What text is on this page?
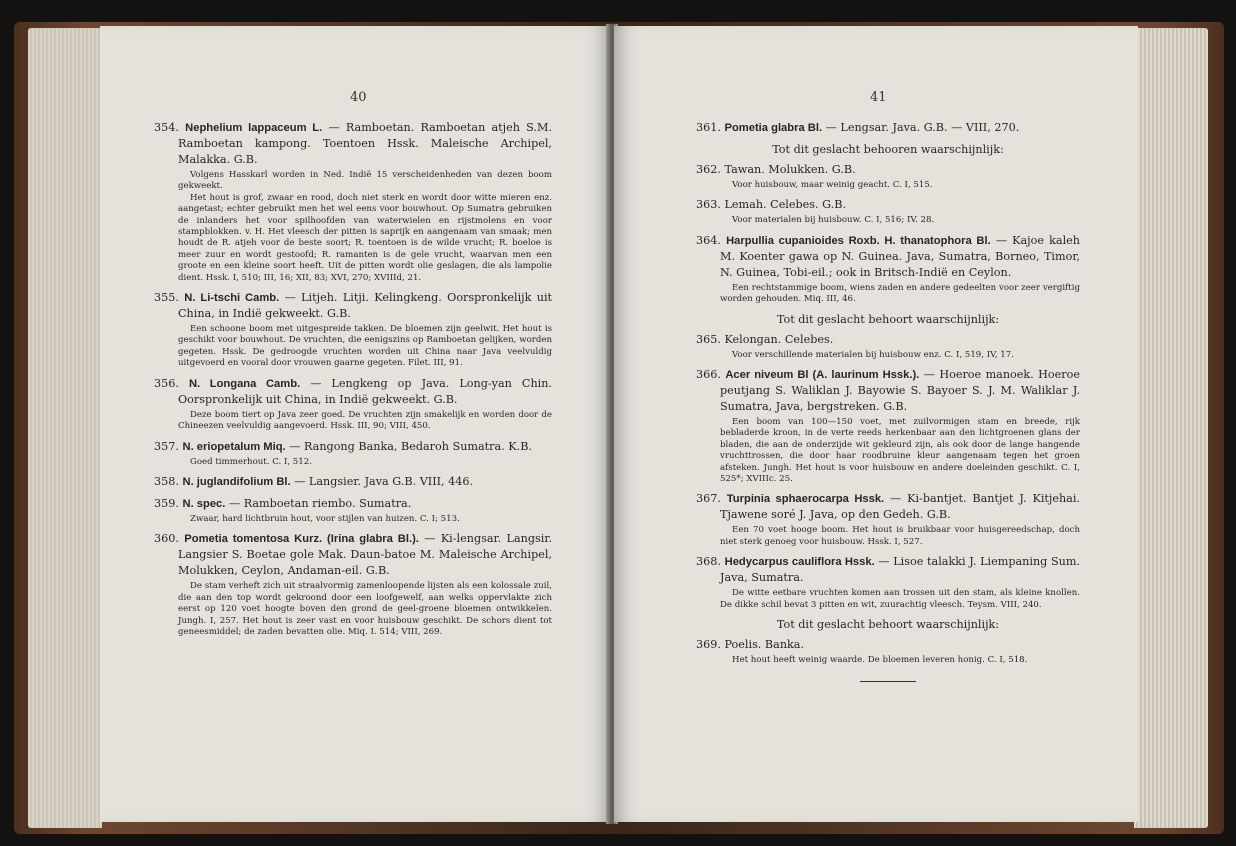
40
354. Nephelium lappaceum L. — Ramboetan. Ramboetan atjeh S.M. Ramboetan kampong. Toentoen Hssk. Maleische Archipel, Malakka. G.B.

Volgens Hasskarl worden in Ned. Indië 15 verscheidenheden van dezen boom gekweekt.

Het hout is grof, zwaar en rood, doch niet sterk en wordt door witte mieren enz. aangetast; echter gebruikt men het wel eens voor bouwhout. Op Sumatra gebruiken de inlanders het voor spilhoofden van waterwielen en rijstmolens en voor stampblokken. v. H. Het vleesch der pitten is saprijk en aangenaam van smaak; men houdt de R. atjeh voor de beste soort; R. toentoen is de wilde vrucht; R. boeloe is meer zuur en wordt gestoofd; R. ramanten is de gele vrucht, waarvan men een groote en een kleine soort heeft. Uit de pitten wordt olie geslagen, die als lampolie dient. Hssk. I, 510; III, 16; XII, 83; XVI, 270; XVIIId, 21.

355. N. Li-tschi Camb. — Litjeh. Litji. Kelingkeng. Oorspronkelijk uit China, in Indië gekweekt. G.B.

Een schoone boom met uitgespreide takken. De bloemen zijn geelwit. Het hout is geschikt voor bouwhout. De vruchten, die eenigszins op Ramboetan gelijken, worden gegeten. Hssk. De gedroogde vruchten worden uit China naar Java veelvuldig uitgevoerd en vooral door vrouwen gaarne gegeten. Filet. III, 91.

356. N. Longana Camb. — Lengkeng op Java. Long-yan Chin. Oorspronkelijk uit China, in Indië gekweekt. G.B.

Deze boom tiert op Java zeer goed. De vruchten zijn smakelijk en worden door de Chineezen veelvuldig aangevoerd. Hssk. III, 90; VIII, 450.

357. N. eriopetalum Miq. — Rangong Banka, Bedaroh Sumatra. K.B.

Goed timmerhout. C. I, 512.

358. N. juglandifolium Bl. — Langsier. Java G.B. VIII, 446.
359. N. spec. — Ramboetan riembo. Sumatra.

Zwaar, hard lichtbruin hout, voor stijlen van huizen. C. I; 513.

360. Pometia tomentosa Kurz. (Irina glabra Bl.). — Ki-lengsar. Langsir. Langsier S. Boetae gole Mak. Daun-batoe M. Maleische Archipel, Molukken, Ceylon, Andaman-eil. G.B.

De stam verheft zich uit straalvormig zamenloopende lijsten als een kolossale zuil, die aan den top wordt gekroond door een loofgewelf, aan welks oppervlakte zich eerst op 120 voet hoogte boven den grond de geel-groene bloemen ontwikkelen. Jungh. I, 257. Het hout is zeer vast en voor huisbouw geschikt. De schors dient tot geneesmiddel; de zaden bevatten olie. Miq. I. 514; VIII, 269.

41
361. Pometia glabra Bl. — Lengsar. Java. G.B. — VIII, 270.
Tot dit geslacht behooren waarschijnlijk:
362. Tawan. Molukken. G.B.

Voor huisbouw, maar weinig geacht. C. I, 515.

363. Lemah. Celebes. G.B.

Voor materialen bij huisbouw. C. I, 516; IV. 28.

364. Harpullia cupanioides Roxb. H. thanatophora Bl. — Kajoe kaleh M. Koenter gawa op N. Guinea. Java, Sumatra, Borneo, Timor, N. Guinea, Tobi-eil.; ook in Britsch-Indië en Ceylon.

Een rechtstammige boom, wiens zaden en andere gedeelten voor zeer vergiftig worden gehouden. Miq. III, 46.

Tot dit geslacht behoort waarschijnlijk:
365. Kelongan. Celebes.

Voor verschillende materialen bij huisbouw enz. C. I, 519, IV, 17.

366. Acer niveum Bl (A. laurinum Hssk.). — Hoeroe manoek. Hoeroe peutjang S. Waliklan J. Bayowie S. Bayoer S. J. M. Waliklar J. Sumatra, Java, bergstreken. G.B.

Een boom van 100—150 voet, met zuilvormigen stam en breede, rijk bebladerde kroon, in de verte reeds herkenbaar aan den lichtgroenen glans der bladen, die aan de onderzijde wit gekleurd zijn, als ook door de lange hangende vruchttrossen, die door haar roodbruine kleur aangenaam tegen het groen afsteken. Jungh. Het hout is voor huisbouw en andere doeleinden geschikt. C. I, 525*; XVIIIc. 25.

367. Turpinia sphaerocarpa Hssk. — Ki-bantjet. Bantjet J. Kitjehai. Tjawene soré J. Java, op den Gedeh. G.B.

Een 70 voet hooge boom. Het hout is bruikbaar voor huisgereedschap, doch niet sterk genoeg voor huisbouw. Hssk. I, 527.

368. Hedycarpus cauliflora Hssk. — Lisoe talakki J. Liempaning Sum. Java, Sumatra.

De witte eetbare vruchten komen aan trossen uit den stam, als kleine knollen. De dikke schil bevat 3 pitten en wit, zuurachtig vleesch. Teysm. VIII, 240.

Tot dit geslacht behoort waarschijnlijk:
369. Poelis. Banka.

Het hout heeft weinig waarde. De bloemen leveren honig. C. I, 518.
